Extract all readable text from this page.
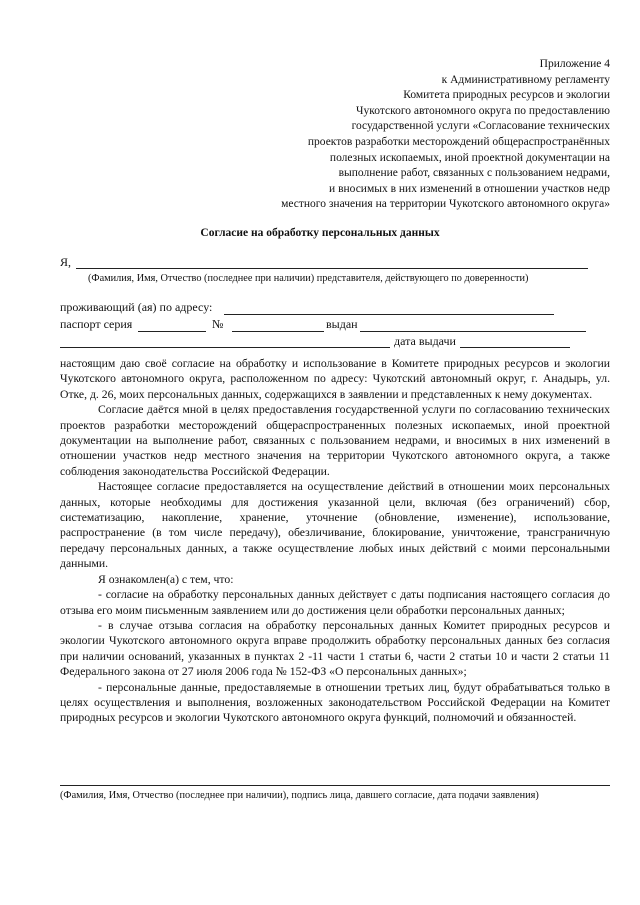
Приложение 4
к Административному регламенту
Комитета природных ресурсов и экологии
Чукотского автономного округа по предоставлению
государственной услуги «Согласование технических
проектов разработки месторождений общераспространённых
полезных ископаемых, иной проектной документации на
выполнение работ, связанных с пользованием недрами,
и вносимых в них изменений в отношении участков недр
местного значения на территории Чукотского автономного округа»
Согласие на обработку персональных данных
Я,
(Фамилия, Имя, Отчество (последнее при наличии) представителя, действующего по доверенности)
проживающий (ая) по адресу:
паспорт серия	№	выдан
дата выдачи

настоящим даю своё согласие на обработку и использование в Комитете природных ресурсов и экологии Чукотского автономного округа, расположенном по адресу: Чукотский автономный округ, г. Анадырь, ул. Отке, д. 26, моих персональных данных, содержащихся в заявлении и представленных к нему документах.

Согласие даётся мной в целях предоставления государственной услуги по согласованию технических проектов разработки месторождений общераспространенных полезных ископаемых, иной проектной документации на выполнение работ, связанных с пользованием недрами, и вносимых в них изменений в отношении участков недр местного значения на территории Чукотского автономного округа, а также соблюдения законодательства Российской Федерации.

Настоящее согласие предоставляется на осуществление действий в отношении моих персональных данных, которые необходимы для достижения указанной цели, включая (без ограничений) сбор, систематизацию, накопление, хранение, уточнение (обновление, изменение), использование, распространение (в том числе передачу), обезличивание, блокирование, уничтожение, трансграничную передачу персональных данных, а также осуществление любых иных действий с моими персональными данными.

Я ознакомлен(а) с тем, что:

- согласие на обработку персональных данных действует с даты подписания настоящего согласия до отзыва его моим письменным заявлением или до достижения цели обработки персональных данных;

- в случае отзыва согласия на обработку персональных данных Комитет природных ресурсов и экологии Чукотского автономного округа вправе продолжить обработку персональных данных без согласия при наличии оснований, указанных в пунктах 2 -11 части 1 статьи 6, части 2 статьи 10 и части 2 статьи 11 Федерального закона от 27 июля 2006 года № 152-ФЗ «О персональных данных»;

- персональные данные, предоставляемые в отношении третьих лиц, будут обрабатываться только в целях осуществления и выполнения, возложенных законодательством Российской Федерации на Комитет природных ресурсов и экологии Чукотского автономного округа функций, полномочий и обязанностей.

(Фамилия, Имя, Отчество (последнее при наличии), подпись лица, давшего согласие, дата подачи заявления)
